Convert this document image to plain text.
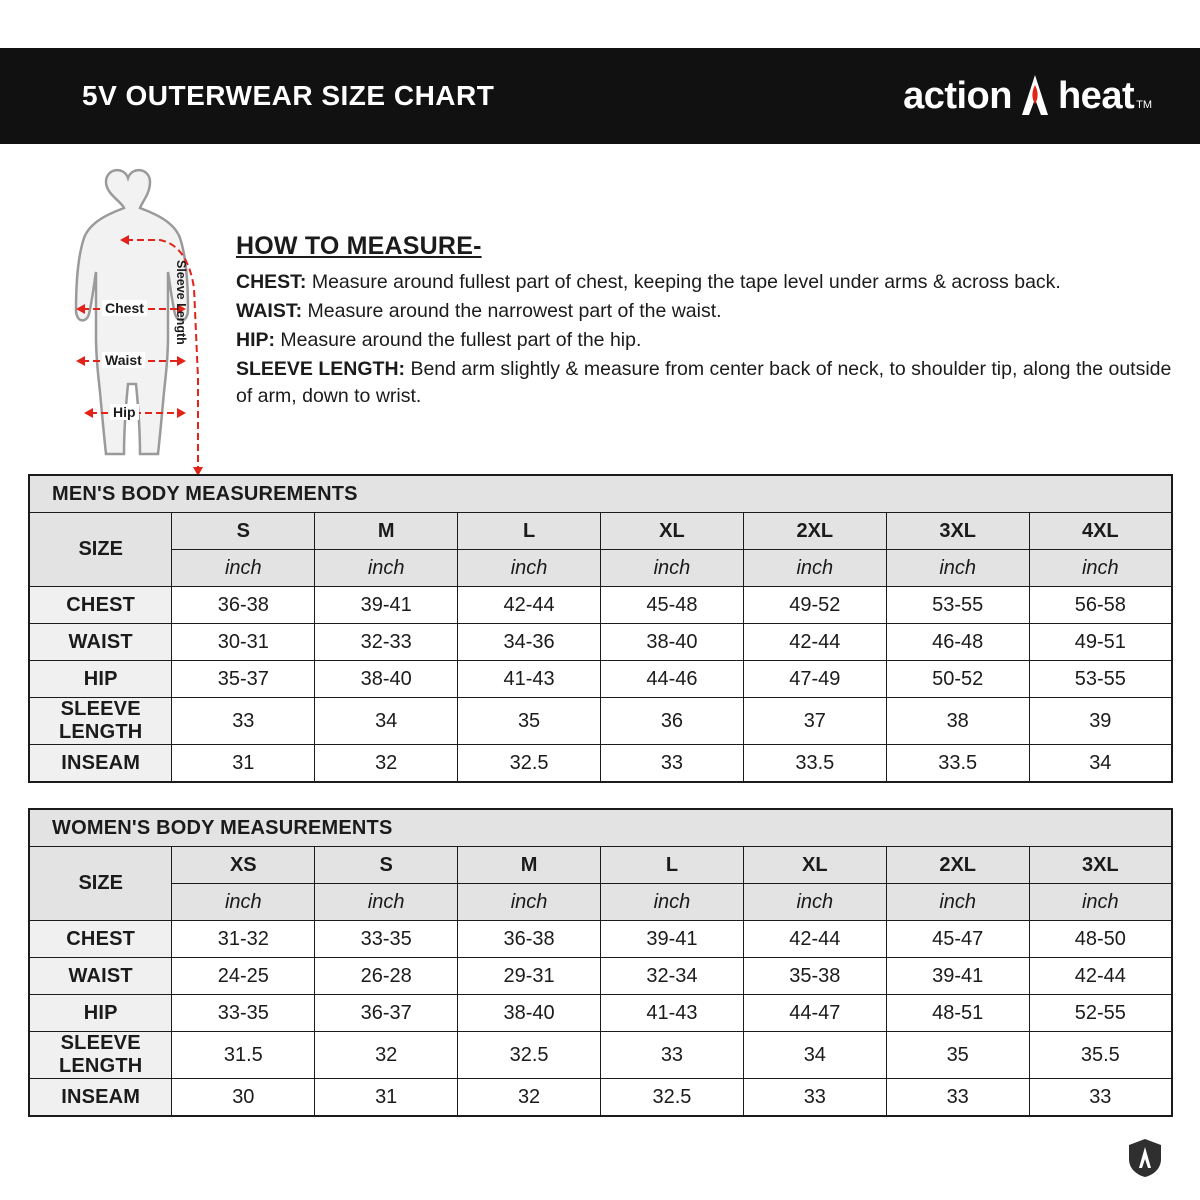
5V OUTERWEAR SIZE CHART	action heat TM
Chest
Waist
Hip
Sleeve Length
HOW TO MEASURE-
CHEST: Measure around fullest part of chest, keeping the tape level under arms & across back.
WAIST: Measure around the narrowest part of the waist.
HIP: Measure around the fullest part of the hip.
SLEEVE LENGTH: Bend arm slightly & measure from center back of neck, to shoulder tip, along the outside of arm, down to wrist.
MEN'S BODY MEASUREMENTS							
SIZE	S	M	L	XL	2XL	3XL	4XL
	inch	inch	inch	inch	inch	inch	inch
CHEST	36-38	39-41	42-44	45-48	49-52	53-55	56-58
WAIST	30-31	32-33	34-36	38-40	42-44	46-48	49-51
HIP	35-37	38-40	41-43	44-46	47-49	50-52	53-55
SLEEVE LENGTH	33	34	35	36	37	38	39
INSEAM	31	32	32.5	33	33.5	33.5	34
WOMEN'S BODY MEASUREMENTS							
SIZE	XS	S	M	L	XL	2XL	3XL
	inch	inch	inch	inch	inch	inch	inch
CHEST	31-32	33-35	36-38	39-41	42-44	45-47	48-50
WAIST	24-25	26-28	29-31	32-34	35-38	39-41	42-44
HIP	33-35	36-37	38-40	41-43	44-47	48-51	52-55
SLEEVE LENGTH	31.5	32	32.5	33	34	35	35.5
INSEAM	30	31	32	32.5	33	33	33
